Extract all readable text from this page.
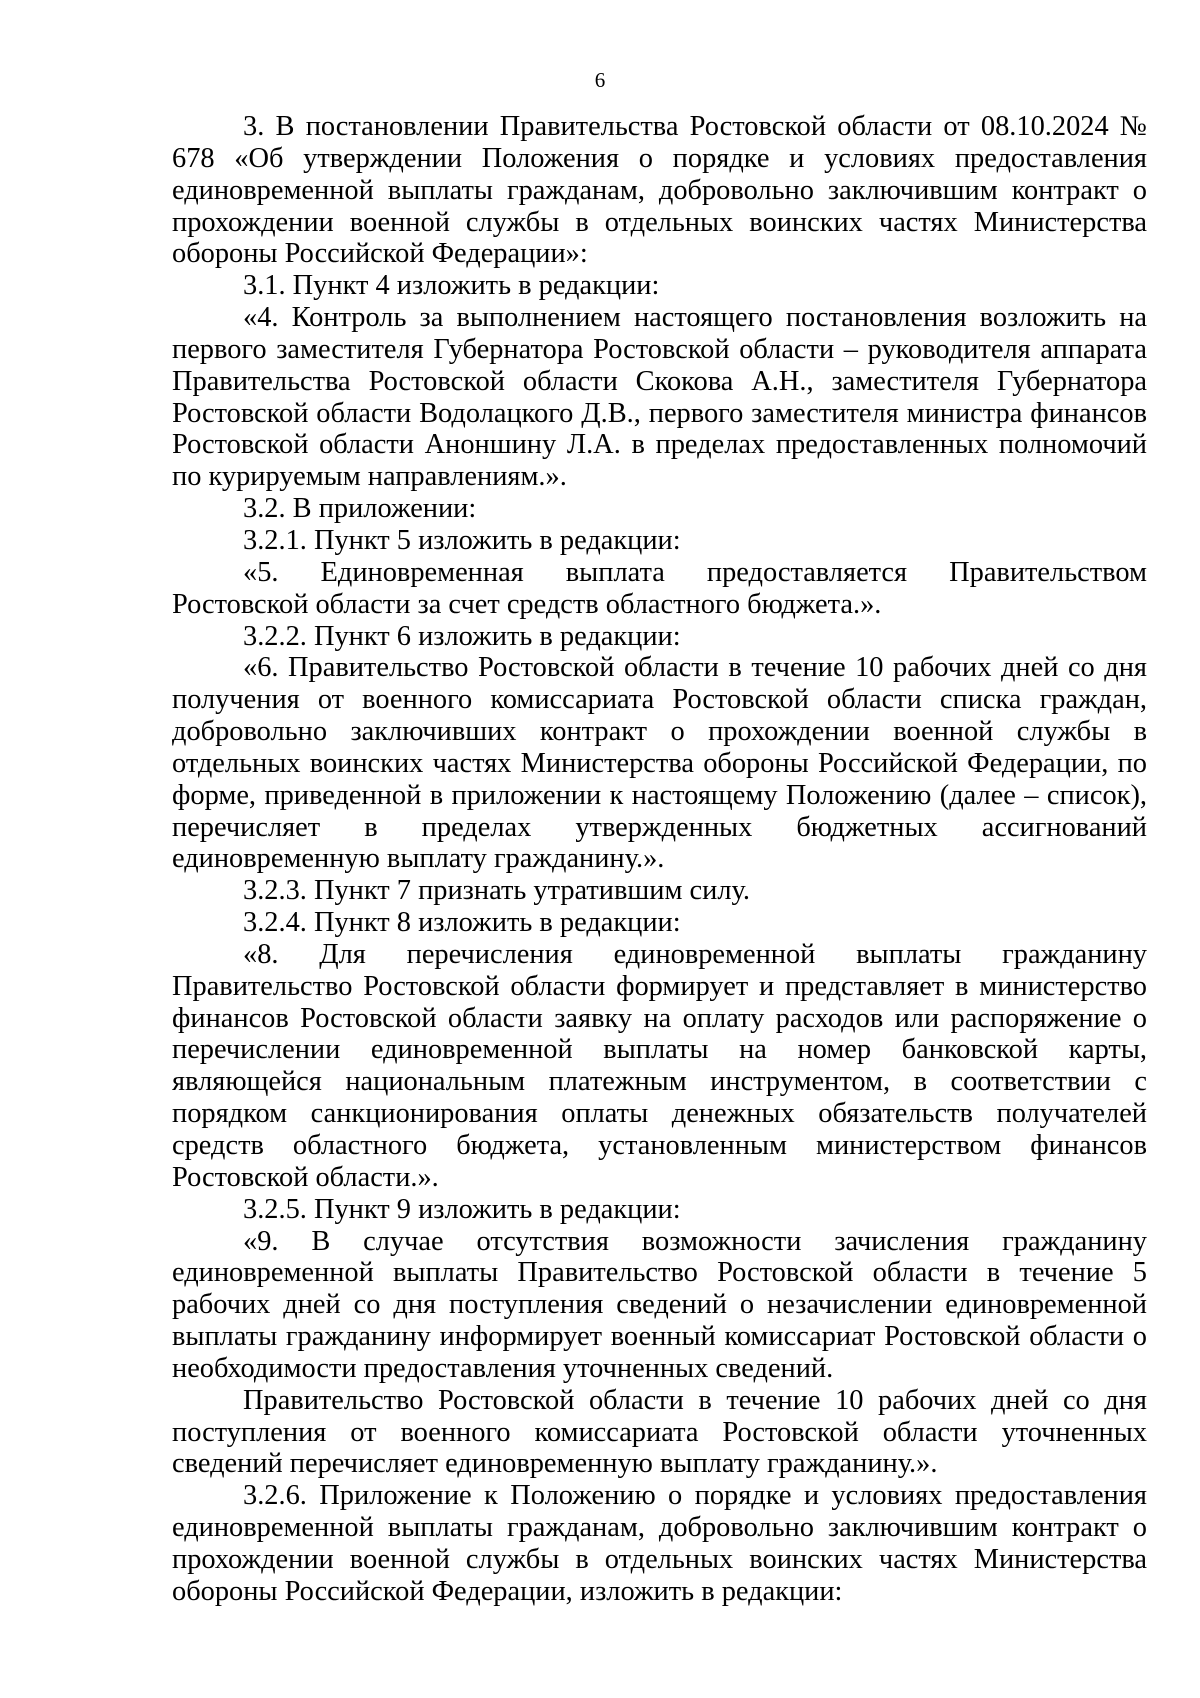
6

3. В постановлении Правительства Ростовской области от 08.10.2024 № 678 «Об утверждении Положения о порядке и условиях предоставления единовременной выплаты гражданам, добровольно заключившим контракт о прохождении военной службы в отдельных воинских частях Министерства обороны Российской Федерации»:

3.1. Пункт 4 изложить в редакции:

«4. Контроль за выполнением настоящего постановления возложить на первого заместителя Губернатора Ростовской области – руководителя аппарата Правительства Ростовской области Скокова А.Н., заместителя Губернатора Ростовской области Водолацкого Д.В., первого заместителя министра финансов Ростовской области Аноншину Л.А. в пределах предоставленных полномочий по курируемым направлениям.».

3.2. В приложении:

3.2.1. Пункт 5 изложить в редакции:

«5. Единовременная выплата предоставляется Правительством Ростовской области за счет средств областного бюджета.».

3.2.2. Пункт 6 изложить в редакции:

«6. Правительство Ростовской области в течение 10 рабочих дней со дня получения от военного комиссариата Ростовской области списка граждан, добровольно заключивших контракт о прохождении военной службы в отдельных воинских частях Министерства обороны Российской Федерации, по форме, приведенной в приложении к настоящему Положению (далее – список), перечисляет в пределах утвержденных бюджетных ассигнований единовременную выплату гражданину.».

3.2.3. Пункт 7 признать утратившим силу.

3.2.4. Пункт 8 изложить в редакции:

«8. Для перечисления единовременной выплаты гражданину Правительство Ростовской области формирует и представляет в министерство финансов Ростовской области заявку на оплату расходов или распоряжение о перечислении единовременной выплаты на номер банковской карты, являющейся национальным платежным инструментом, в соответствии с порядком санкционирования оплаты денежных обязательств получателей средств областного бюджета, установленным министерством финансов Ростовской области.».

3.2.5. Пункт 9 изложить в редакции:

«9. В случае отсутствия возможности зачисления гражданину единовременной выплаты Правительство Ростовской области в течение 5 рабочих дней со дня поступления сведений о незачислении единовременной выплаты гражданину информирует военный комиссариат Ростовской области о необходимости предоставления уточненных сведений.

Правительство Ростовской области в течение 10 рабочих дней со дня поступления от военного комиссариата Ростовской области уточненных сведений перечисляет единовременную выплату гражданину.».

3.2.6. Приложение к Положению о порядке и условиях предоставления единовременной выплаты гражданам, добровольно заключившим контракт о прохождении военной службы в отдельных воинских частях Министерства обороны Российской Федерации, изложить в редакции:
